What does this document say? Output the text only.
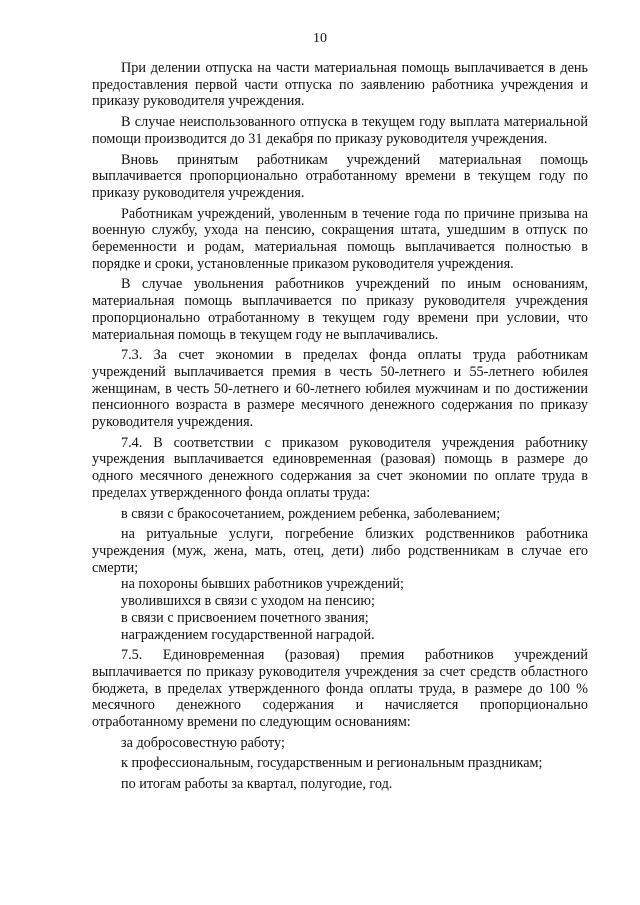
10

При делении отпуска на части материальная помощь выплачивается в день предоставления первой части отпуска по заявлению работника учреждения и приказу руководителя учреждения.

В случае неиспользованного отпуска в текущем году выплата материальной помощи производится до 31 декабря по приказу руководителя учреждения.

Вновь принятым работникам учреждений материальная помощь выплачивается пропорционально отработанному времени в текущем году по приказу руководителя учреждения.

Работникам учреждений, уволенным в течение года по причине призыва на военную службу, ухода на пенсию, сокращения штата, ушедшим в отпуск по беременности и родам, материальная помощь выплачивается полностью в порядке и сроки, установленные приказом руководителя учреждения.

В случае увольнения работников учреждений по иным основаниям, материальная помощь выплачивается по приказу руководителя учреждения пропорционально отработанному в текущем году времени при условии, что материальная помощь в текущем году не выплачивались.

7.3. За счет экономии в пределах фонда оплаты труда работникам учреждений выплачивается премия в честь 50-летнего и 55-летнего юбилея женщинам, в честь 50-летнего и 60-летнего юбилея мужчинам и по достижении пенсионного возраста в размере месячного денежного содержания по приказу руководителя учреждения.

7.4. В соответствии с приказом руководителя учреждения работнику учреждения выплачивается единовременная (разовая) помощь в размере до одного месячного денежного содержания за счет экономии по оплате труда в пределах утвержденного фонда оплаты труда:

в связи с бракосочетанием, рождением ребенка, заболеванием;

на ритуальные услуги, погребение близких родственников работника учреждения (муж, жена, мать, отец, дети) либо родственникам в случае его смерти;

на похороны бывших работников учреждений;

уволившихся в связи с уходом на пенсию;

в связи с присвоением почетного звания;

награждением государственной наградой.

7.5. Единовременная (разовая) премия работников учреждений выплачивается по приказу руководителя учреждения за счет средств областного бюджета, в пределах утвержденного фонда оплаты труда, в размере до 100 % месячного денежного содержания и начисляется пропорционально отработанному времени по следующим основаниям:

за добросовестную работу;

к профессиональным, государственным и региональным праздникам;

по итогам работы за квартал, полугодие, год.
